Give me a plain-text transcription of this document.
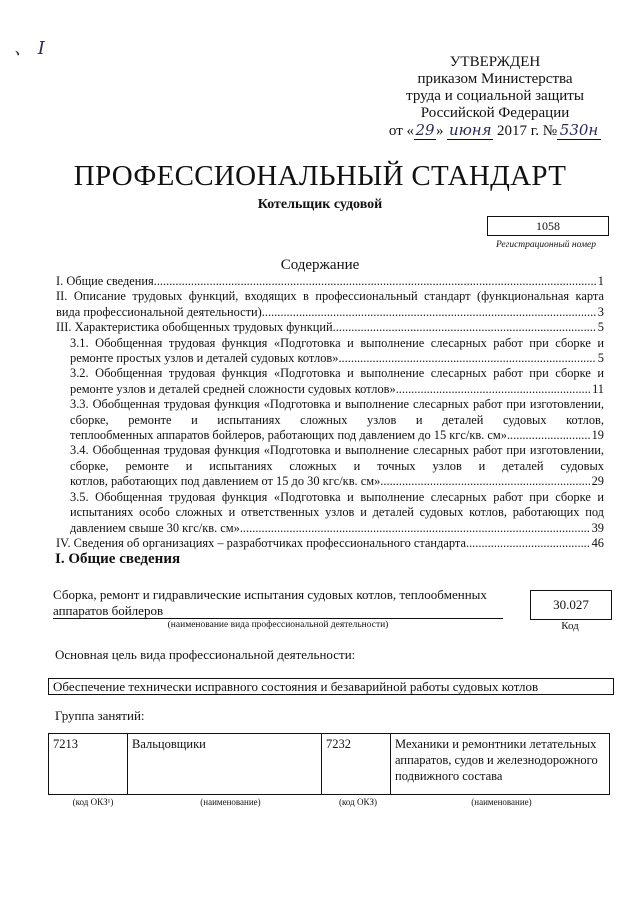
、 I
УТВЕРЖДЕН
приказом Министерства
труда и социальной защиты
Российской Федерации
от «29» июня 2017 г. № 530н
ПРОФЕССИОНАЛЬНЫЙ СТАНДАРТ
Котельщик судовой
1058
Регистрационный номер
Содержание
I. Общие сведения .....	1
II. Описание трудовых функций, входящих в профессиональный стандарт (функциональная карта
вида профессиональной деятельности) .....	3
III. Характеристика обобщенных трудовых функций .....	5
3.1. Обобщенная трудовая функция «Подготовка и выполнение слесарных работ при сборке и
ремонте простых узлов и деталей судовых котлов» .....	5
3.2. Обобщенная трудовая функция «Подготовка и выполнение слесарных работ при сборке и
ремонте узлов и деталей средней сложности судовых котлов» .....	11
3.3. Обобщенная трудовая функция «Подготовка и выполнение слесарных работ при изготовлении, сборке, ремонте и испытаниях сложных узлов и деталей судовых котлов,
теплообменных аппаратов бойлеров, работающих под давлением до 15 кгс/кв. см» .....	19
3.4. Обобщенная трудовая функция «Подготовка и выполнение слесарных работ при изготовлении, сборке, ремонте и испытаниях сложных и точных узлов и деталей судовых
котлов, работающих под давлением от 15 до 30 кгс/кв. см» .....	29
3.5. Обобщенная трудовая функция «Подготовка и выполнение слесарных работ при сборке и испытаниях особо сложных и ответственных узлов и деталей судовых котлов, работающих под
давлением свыше 30 кгс/кв. см» .....	39
IV. Сведения об организациях – разработчиках профессионального стандарта .....	46
I. Общие сведения
Сборка, ремонт и гидравлические испытания судовых котлов, теплообменных аппаратов бойлеров
(наименование вида профессиональной деятельности)
30.027
Код
Основная цель вида профессиональной деятельности:
Обеспечение технически исправного состояния и безаварийной работы судовых котлов
Группа занятий:
7213	Вальцовщики	7232	Механики и ремонтники летательных аппаратов, судов и железнодорожного подвижного состава
(код ОКЗ¹)	(наименование)	(код ОКЗ)	(наименование)
